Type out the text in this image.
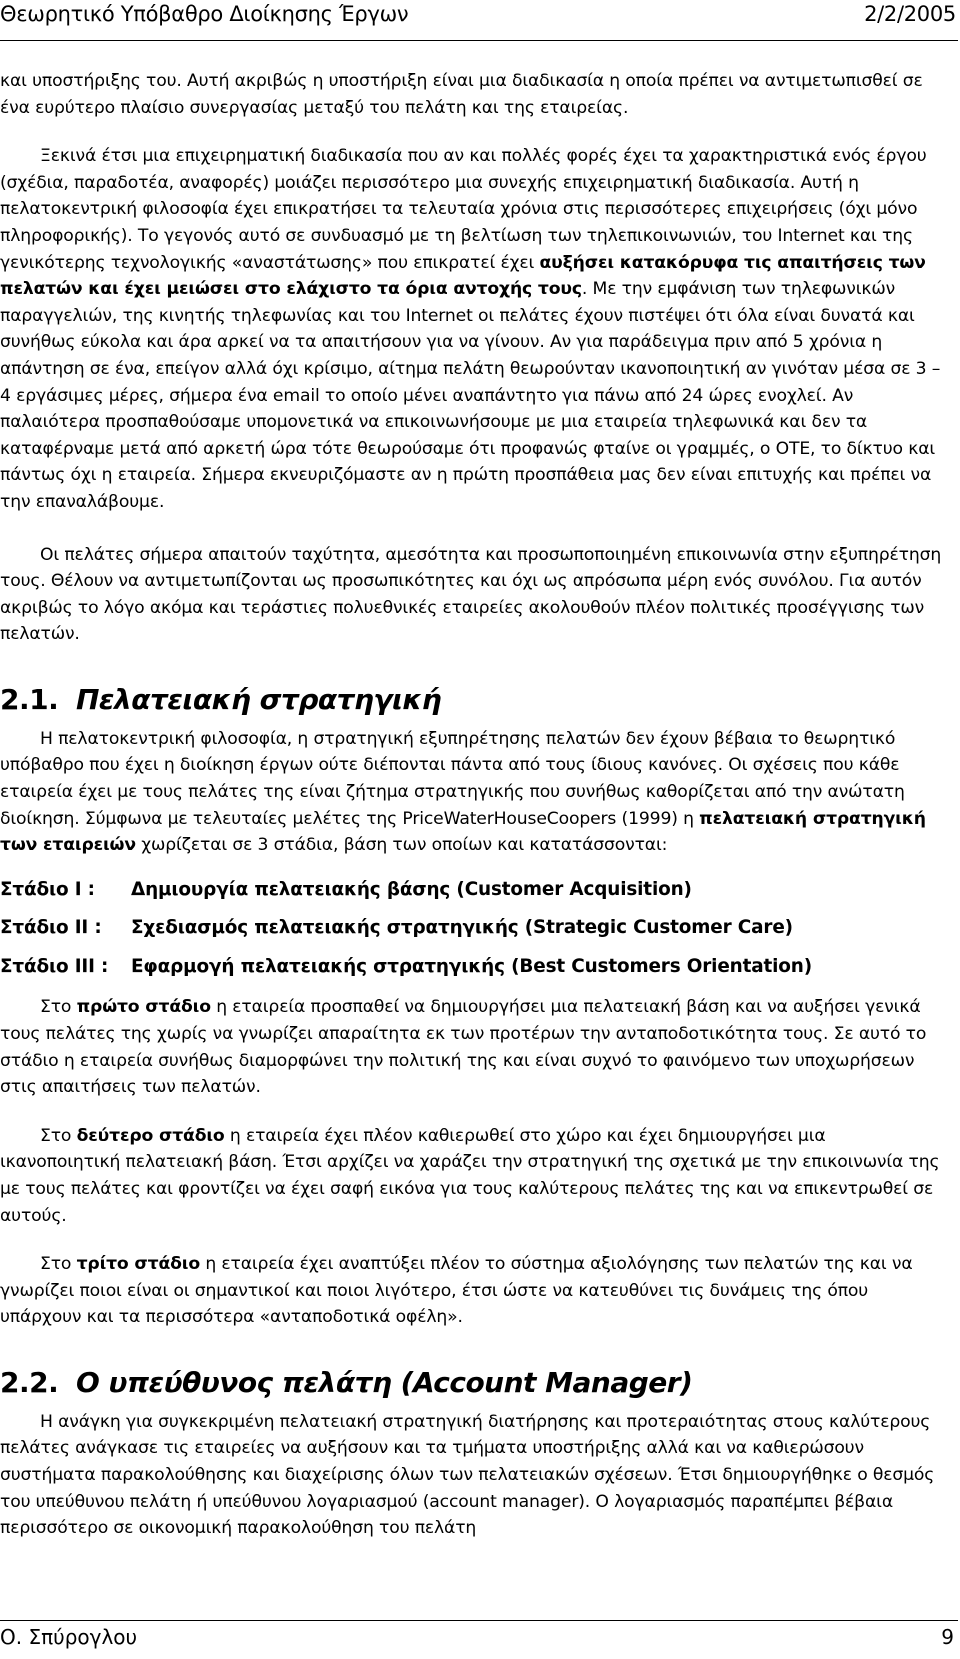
Θεωρητικό Υπόβαθρο Διοίκησης Έργων	2/2/2005

και υποστήριξης του. Αυτή ακριβώς η υποστήριξη είναι μια διαδικασία η οποία πρέπει να αντιμετωπισθεί σε ένα ευρύτερο πλαίσιο συνεργασίας μεταξύ του πελάτη και της εταιρείας.

Ξεκινά έτσι μια επιχειρηματική διαδικασία που αν και πολλές φορές έχει τα χαρακτηριστικά ενός έργου (σχέδια, παραδοτέα, αναφορές) μοιάζει περισσότερο μια συνεχής επιχειρηματική διαδικασία. Αυτή η πελατοκεντρική φιλοσοφία έχει επικρατήσει τα τελευταία χρόνια στις περισσότερες επιχειρήσεις (όχι μόνο πληροφορικής). Το γεγονός αυτό σε συνδυασμό με τη βελτίωση των τηλεπικοινωνιών, του Internet και της γενικότερης τεχνολογικής «αναστάτωσης» που επικρατεί έχει αυξήσει κατακόρυφα τις απαιτήσεις των πελατών και έχει μειώσει στο ελάχιστο τα όρια αντοχής τους. Με την εμφάνιση των τηλεφωνικών παραγγελιών, της κινητής τηλεφωνίας και του Internet οι πελάτες έχουν πιστέψει ότι όλα είναι δυνατά και συνήθως εύκολα και άρα αρκεί να τα απαιτήσουν για να γίνουν. Αν για παράδειγμα πριν από 5 χρόνια η απάντηση σε ένα, επείγον αλλά όχι κρίσιμο, αίτημα πελάτη θεωρούνταν ικανοποιητική αν γινόταν μέσα σε 3 – 4 εργάσιμες μέρες, σήμερα ένα email το οποίο μένει αναπάντητο για πάνω από 24 ώρες ενοχλεί. Αν παλαιότερα προσπαθούσαμε υπομονετικά να επικοινωνήσουμε με μια εταιρεία τηλεφωνικά και δεν τα καταφέρναμε μετά από αρκετή ώρα τότε θεωρούσαμε ότι προφανώς φταίνε οι γραμμές, ο ΟΤΕ, το δίκτυο και πάντως όχι η εταιρεία. Σήμερα εκνευριζόμαστε αν η πρώτη προσπάθεια μας δεν είναι επιτυχής και πρέπει να την επαναλάβουμε.

Οι πελάτες σήμερα απαιτούν ταχύτητα, αμεσότητα και προσωποποιημένη επικοινωνία στην εξυπηρέτηση τους. Θέλουν να αντιμετωπίζονται ως προσωπικότητες και όχι ως απρόσωπα μέρη ενός συνόλου. Για αυτόν ακριβώς το λόγο ακόμα και τεράστιες πολυεθνικές εταιρείες ακολουθούν πλέον πολιτικές προσέγγισης των πελατών.

2.1. Πελατειακή στρατηγική

Η πελατοκεντρική φιλοσοφία, η στρατηγική εξυπηρέτησης πελατών δεν έχουν βέβαια το θεωρητικό υπόβαθρο που έχει η διοίκηση έργων ούτε διέπονται πάντα από τους ίδιους κανόνες. Οι σχέσεις που κάθε εταιρεία έχει με τους πελάτες της είναι ζήτημα στρατηγικής που συνήθως καθορίζεται από την ανώτατη διοίκηση. Σύμφωνα με τελευταίες μελέτες της PriceWaterHouseCoopers (1999) η πελατειακή στρατηγική των εταιρειών χωρίζεται σε 3 στάδια, βάση των οποίων και κατατάσσονται:

Στάδιο Ι : Δημιουργία πελατειακής βάσης (Customer Acquisition)
Στάδιο ΙΙ : Σχεδιασμός πελατειακής στρατηγικής (Strategic Customer Care)
Στάδιο ΙΙΙ : Εφαρμογή πελατειακής στρατηγικής (Best Customers Orientation)

Στο πρώτο στάδιο η εταιρεία προσπαθεί να δημιουργήσει μια πελατειακή βάση και να αυξήσει γενικά τους πελάτες της χωρίς να γνωρίζει απαραίτητα εκ των προτέρων την ανταποδοτικότητα τους. Σε αυτό το στάδιο η εταιρεία συνήθως διαμορφώνει την πολιτική της και είναι συχνό το φαινόμενο των υποχωρήσεων στις απαιτήσεις των πελατών.

Στο δεύτερο στάδιο η εταιρεία έχει πλέον καθιερωθεί στο χώρο και έχει δημιουργήσει μια ικανοποιητική πελατειακή βάση. Έτσι αρχίζει να χαράζει την στρατηγική της σχετικά με την επικοινωνία της με τους πελάτες και φροντίζει να έχει σαφή εικόνα για τους καλύτερους πελάτες της και να επικεντρωθεί σε αυτούς.

Στο τρίτο στάδιο η εταιρεία έχει αναπτύξει πλέον το σύστημα αξιολόγησης των πελατών της και να γνωρίζει ποιοι είναι οι σημαντικοί και ποιοι λιγότερο, έτσι ώστε να κατευθύνει τις δυνάμεις της όπου υπάρχουν και τα περισσότερα «ανταποδοτικά οφέλη».

2.2. Ο υπεύθυνος πελάτη (Account Manager)

Η ανάγκη για συγκεκριμένη πελατειακή στρατηγική διατήρησης και προτεραιότητας στους καλύτερους πελάτες ανάγκασε τις εταιρείες να αυξήσουν και τα τμήματα υποστήριξης αλλά και να καθιερώσουν συστήματα παρακολούθησης και διαχείρισης όλων των πελατειακών σχέσεων. Έτσι δημιουργήθηκε ο θεσμός του υπεύθυνου πελάτη ή υπεύθυνου λογαριασμού (account manager). Ο λογαριασμός παραπέμπει βέβαια περισσότερο σε οικονομική παρακολούθηση του πελάτη

Ο. Σπύρογλου	9
